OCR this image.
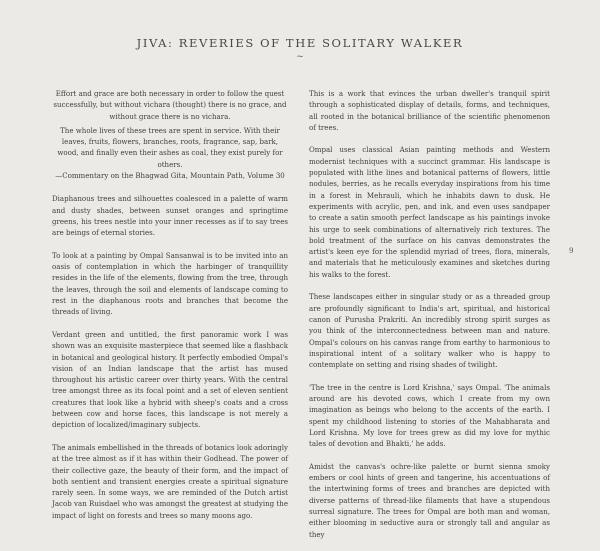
JIVA: REVERIES OF THE SOLITARY WALKER
~

Effort and grace are both necessary in order to follow the quest successfully, but without vichara (thought) there is no grace, and without grace there is no vichara.

The whole lives of these trees are spent in service. With their leaves, fruits, flowers, branches, roots, fragrance, sap, bark, wood, and finally even their ashes as coal, they exist purely for others.

—Commentary on the Bhagwad Gita, Mountain Path, Volume 30

Diaphanous trees and silhouettes coalesced in a palette of warm and dusty shades, between sunset oranges and springtime greens, his trees nestle into your inner recesses as if to say trees are beings of eternal stories.

To look at a painting by Ompal Sansanwal is to be invited into an oasis of contemplation in which the harbinger of tranquillity resides in the life of the elements, flowing from the tree, through the leaves, through the soil and elements of landscape coming to rest in the diaphanous roots and branches that become the threads of living.

Verdant green and untitled, the first panoramic work I was shown was an exquisite masterpiece that seemed like a flashback in botanical and geological history. It perfectly embodied Ompal's vision of an Indian landscape that the artist has mused throughout his artistic career over thirty years. With the central tree amongst three as its focal point and a set of eleven sentient creatures that look like a hybrid with sheep's coats and a cross between cow and horse faces, this landscape is not merely a depiction of localized/imaginary subjects.

The animals embellished in the threads of botanics look adoringly at the tree almost as if it has within their Godhead. The power of their collective gaze, the beauty of their form, and the impact of both sentient and transient energies create a spiritual signature rarely seen. In some ways, we are reminded of the Dutch artist Jacob van Ruisdael who was amongst the greatest at studying the impact of light on forests and trees so many moons ago.

This is a work that evinces the urban dweller's tranquil spirit through a sophisticated display of details, forms, and techniques, all rooted in the botanical brilliance of the scientific phenomenon of trees.

Ompal uses classical Asian painting methods and Western modernist techniques with a succinct grammar. His landscape is populated with lithe lines and botanical patterns of flowers, little nodules, berries, as he recalls everyday inspirations from his time in a forest in Mehrauli, which he inhabits dawn to dusk. He experiments with acrylic, pen, and ink, and even uses sandpaper to create a satin smooth perfect landscape as his paintings invoke his urge to seek combinations of alternatively rich textures. The bold treatment of the surface on his canvas demonstrates the artist's keen eye for the splendid myriad of trees, flora, minerals, and materials that he meticulously examines and sketches during his walks to the forest.

These landscapes either in singular study or as a threaded group are profoundly significant to India's art, spiritual, and historical canon of Purusha Prakriti. An incredibly strong spirit surges as you think of the interconnectedness between man and nature. Ompal's colours on his canvas range from earthy to harmonious to inspirational intent of a solitary walker who is happy to contemplate on setting and rising shades of twilight.

'The tree in the centre is Lord Krishna,' says Ompal. 'The animals around are his devoted cows, which I create from my own imagination as beings who belong to the accents of the earth. I spent my childhood listening to stories of the Mahabharata and Lord Krishna. My love for trees grew as did my love for mythic tales of devotion and Bhakti,' he adds.

Amidst the canvas's ochre-like palette or burnt sienna smoky embers or cool hints of green and tangerine, his accentuations of the intertwining forms of trees and branches are depicted with diverse patterns of thread-like filaments that have a stupendous surreal signature. The trees for Ompal are both man and woman, either blooming in seductive aura or strongly tall and angular as they

9
